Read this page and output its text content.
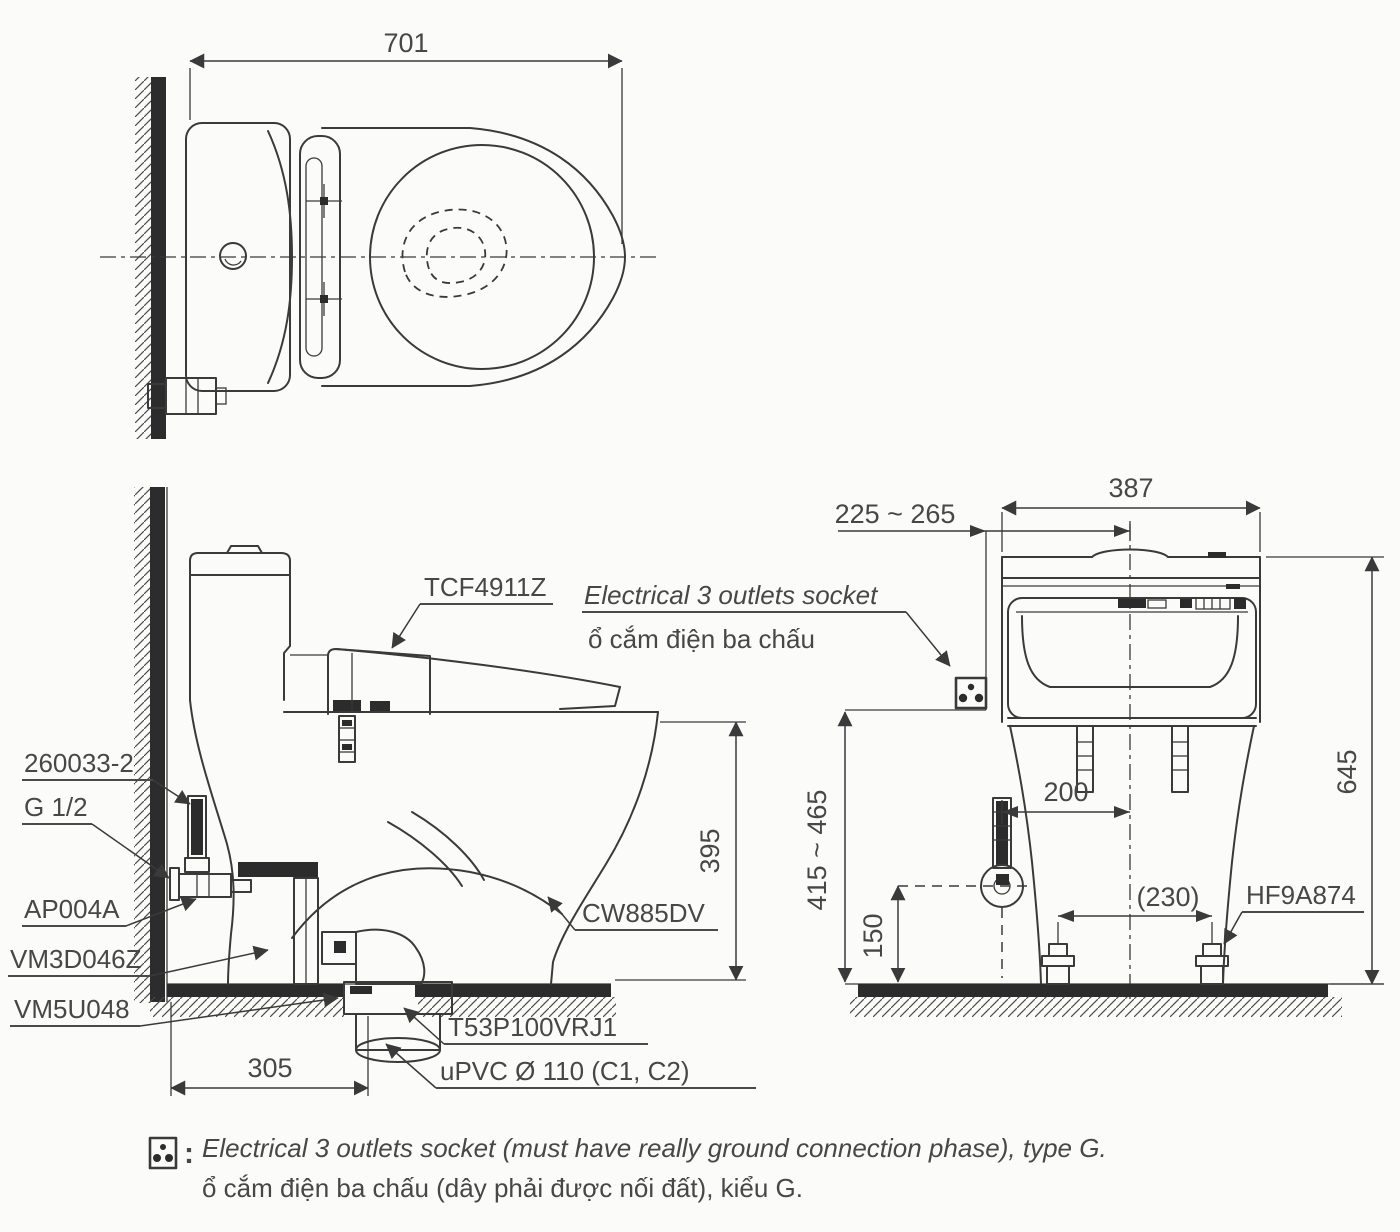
701
305
395
TCF4911Z
260033-2
G 1/2
AP004A
VM3D046Z
VM5U048
CW885DV
T53P100VRJ1
uPVC Ø 110 (C1, C2)
387
225 ~ 265
645
415 ~ 465
150
200
(230) HF9A874
Electrical 3 outlets socket
ổ cắm điện ba chấu
: Electrical 3 outlets socket (must have really ground connection phase), type G.
ổ cắm điện ba chấu (dây phải được nối đất), kiểu G.
